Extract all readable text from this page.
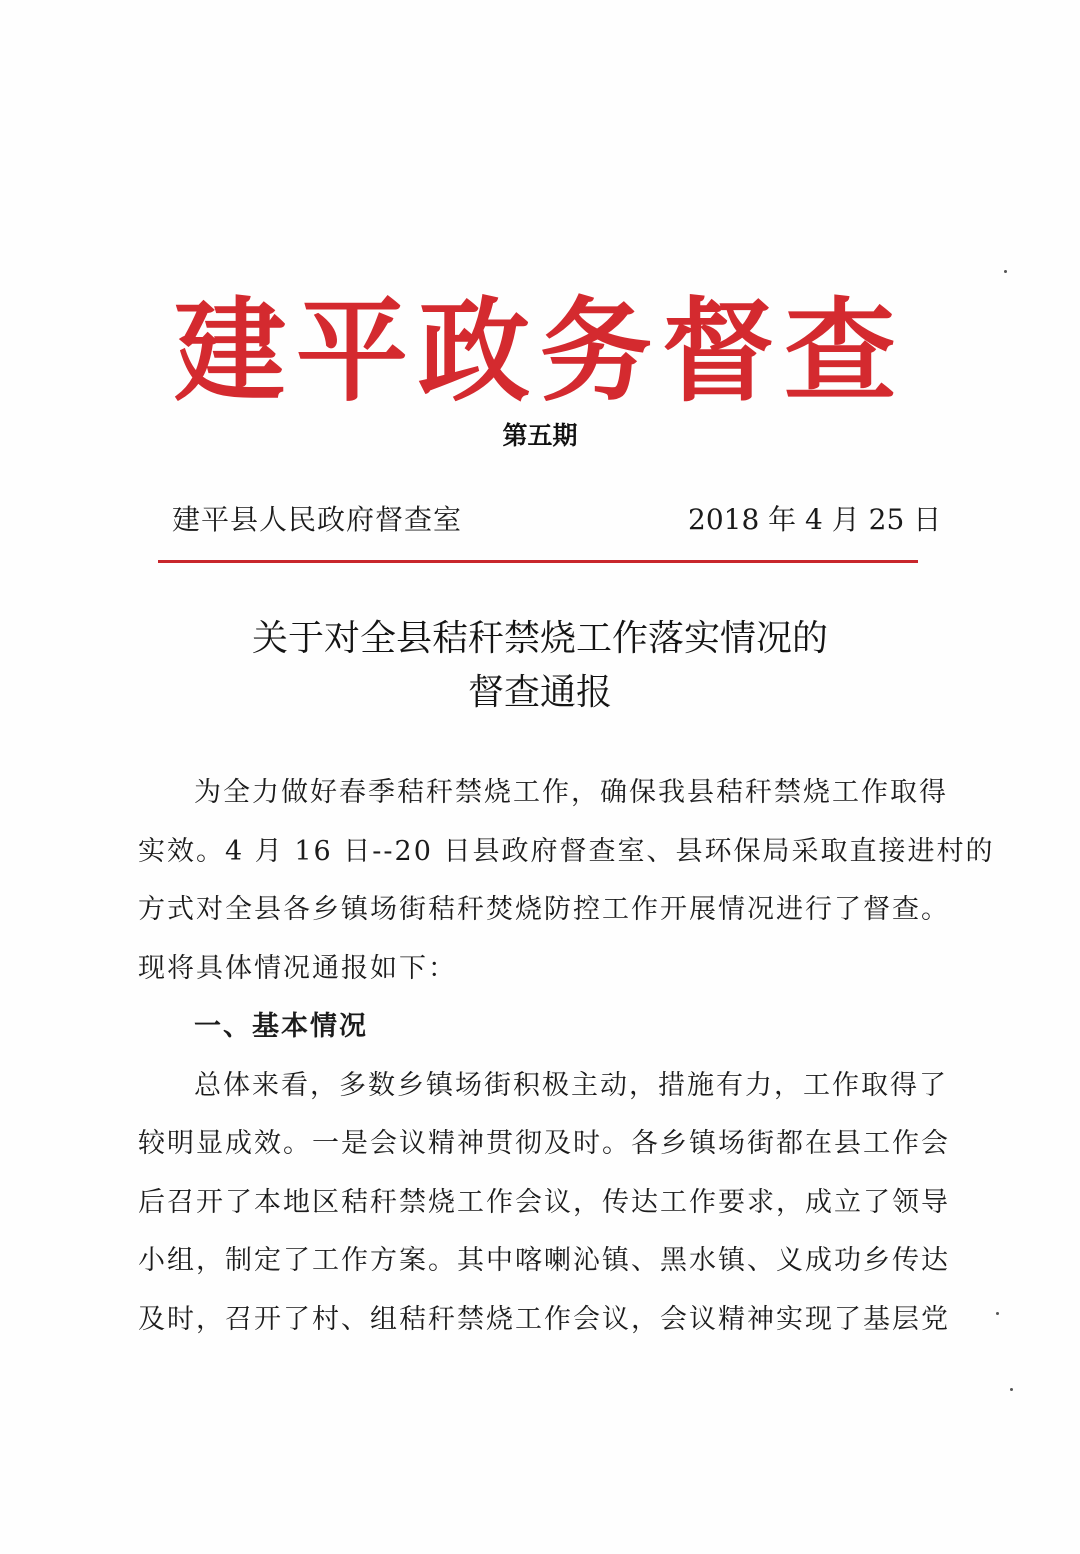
建平政务督查
第五期
建平县人民政府督查室	2018 年 4 月 25 日
关于对全县秸秆禁烧工作落实情况的
督查通报
为全力做好春季秸秆禁烧工作，确保我县秸秆禁烧工作取得
实效。4 月 16 日--20 日县政府督查室、县环保局采取直接进村的
方式对全县各乡镇场街秸秆焚烧防控工作开展情况进行了督查。
现将具体情况通报如下：
一、基本情况
总体来看，多数乡镇场街积极主动，措施有力，工作取得了
较明显成效。一是会议精神贯彻及时。各乡镇场街都在县工作会
后召开了本地区秸秆禁烧工作会议，传达工作要求，成立了领导
小组，制定了工作方案。其中喀喇沁镇、黑水镇、义成功乡传达
及时，召开了村、组秸秆禁烧工作会议，会议精神实现了基层党
